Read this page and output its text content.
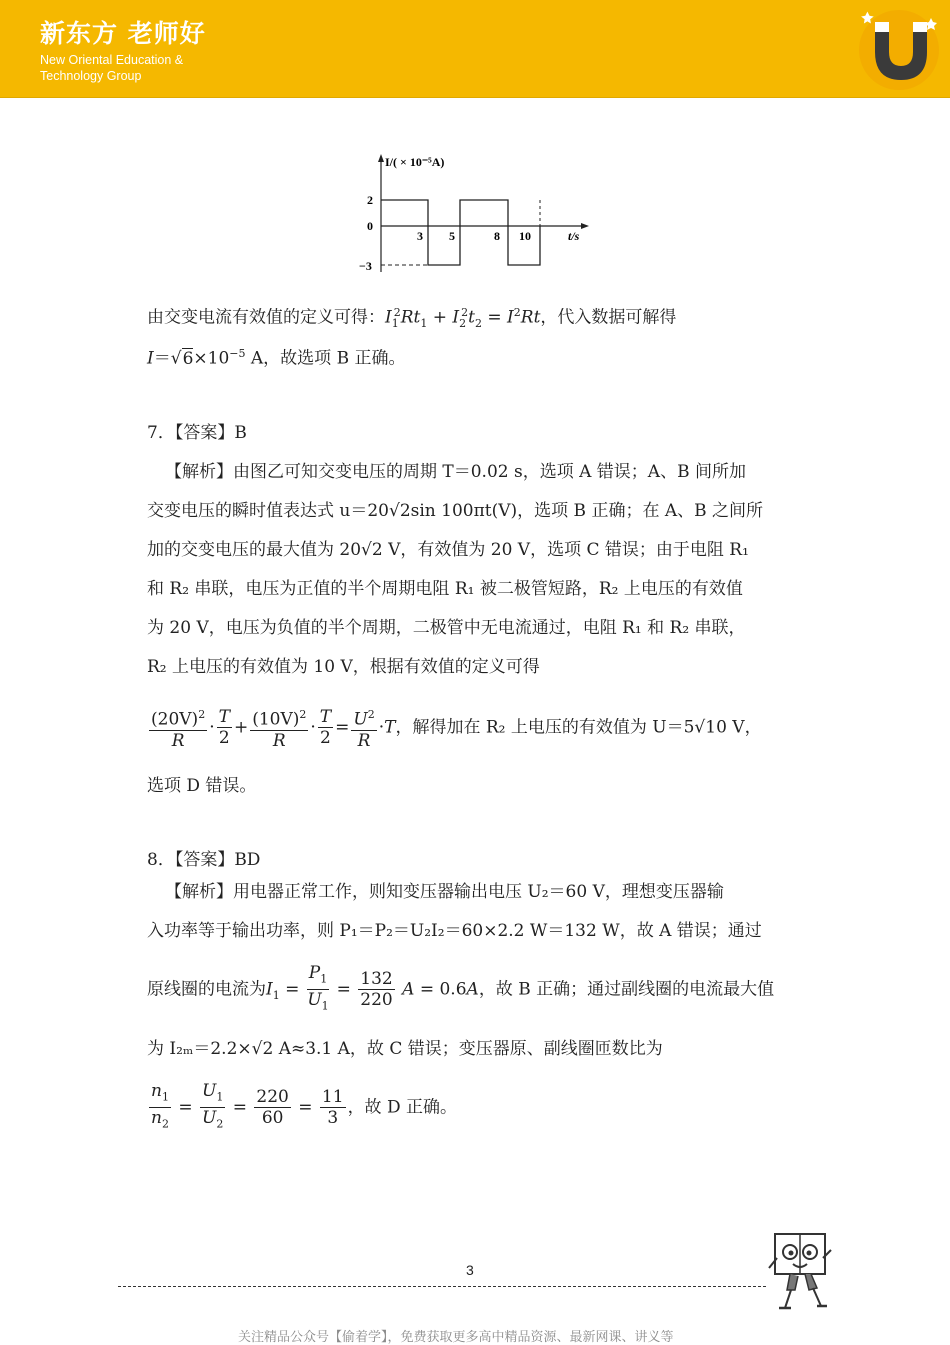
新东方 老师好
New Oriental Education &
Technology Group
I/( × 10⁻⁵A)
t/s
2
0
−3
3 5	8 10
由交变电流有效值的定义可得：$I_1^2Rt_1 + I_2^2t_2 = I^2Rt$，代入数据可解得
$I=√6\times 10^{-5}$ A，故选项 B 正确。
7．【答案】B
【解析】由图乙可知交变电压的周期 T＝0.02 s，选项 A 错误；A、B 间所加
交变电压的瞬时值表达式 u＝20√2sin 100πt(V)，选项 B 正确；在 A、B 之间所
加的交变电压的最大值为 20√2 V，有效值为 20 V，选项 C 错误；由于电阻 R₁
和 R₂ 串联，电压为正值的半个周期电阻 R₁ 被二极管短路，R₂ 上电压的有效值
为 20 V，电压为负值的半个周期，二极管中无电流通过，电阻 R₁ 和 R₂ 串联，
R₂ 上电压的有效值为 10 V，根据有效值的定义可得
$\frac{(20V)^2}{R} \cdot \frac{T}{2} + \frac{(10V)^2}{R} \cdot \frac{T}{2} = \frac{U^2}{R} \cdot T$，解得加在 R₂ 上电压的有效值为 U＝5√10 V，
选项 D 错误。
8．【答案】BD
【解析】用电器正常工作，则知变压器输出电压 U₂＝60 V，理想变压器输
入功率等于输出功率，则 P₁＝P₂＝U₂I₂＝60×2.2 W＝132 W，故 A 错误；通过
原线圈的电流为$I_1 = \frac{P_1}{U_1} = \frac{132}{220}$ A = 0.6A，故 B 正确；通过副线圈的电流最大值
为 I₂ₘ＝2.2×√2 A≈3.1 A，故 C 错误；变压器原、副线圈匝数比为
$\frac{n_1}{n_2} = \frac{U_1}{U_2} = \frac{220}{60} = \frac{11}{3}$ ，故 D 正确。
3
关注精品公众号【偷着学】，免费获取更多高中精品资源、最新网课、讲义等
